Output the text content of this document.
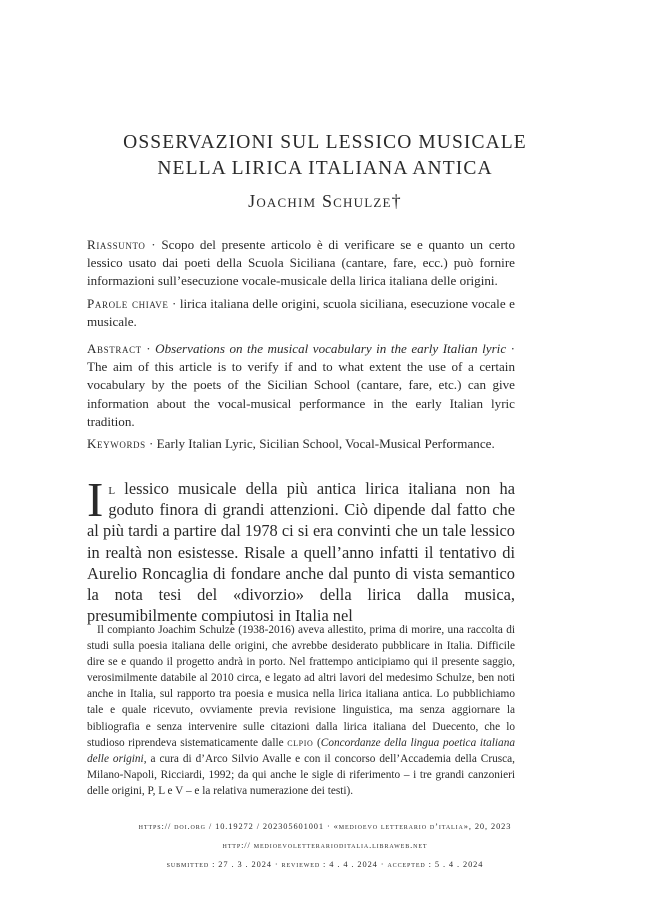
OSSERVAZIONI SUL LESSICO MUSICALE
NELLA LIRICA ITALIANA ANTICA
Joachim Schulze†

Riassunto · Scopo del presente articolo è di verificare se e quanto un certo lessico usato dai poeti della Scuola Siciliana (cantare, fare, ecc.) può fornire informazioni sull’esecuzione vocale-musicale della lirica italiana delle origini.

Parole chiave · lirica italiana delle origini, scuola siciliana, esecuzione vocale e musicale.

Abstract · Observations on the musical vocabulary in the early Italian lyric · The aim of this article is to verify if and to what extent the use of a certain vocabulary by the poets of the Sicilian School (cantare, fare, etc.) can give information about the vocal-musical performance in the early Italian lyric tradition.

Keywords · Early Italian Lyric, Sicilian School, Vocal-Musical Performance.

Il lessico musicale della più antica lirica italiana non ha goduto finora di grandi attenzioni. Ciò dipende dal fatto che al più tardi a partire dal 1978 ci si era convinti che un tale lessico in realtà non esistesse. Risale a quell’anno infatti il tentativo di Aurelio Roncaglia di fondare anche dal punto di vista semantico la nota tesi del «divorzio» della lirica dalla musica, presumibilmente compiutosi in Italia nel

Il compianto Joachim Schulze (1938-2016) aveva allestito, prima di morire, una raccolta di studi sulla poesia italiana delle origini, che avrebbe desiderato pubblicare in Italia. Difficile dire se e quando il progetto andrà in porto. Nel frattempo anticipiamo qui il presente saggio, verosimilmente databile al 2010 circa, e legato ad altri lavori del medesimo Schulze, ben noti anche in Italia, sul rapporto tra poesia e musica nella lirica italiana antica. Lo pubblichiamo tale e quale ricevuto, ovviamente previa revisione linguistica, ma senza aggiornare la bibliografia e senza intervenire sulle citazioni dalla lirica italiana del Duecento, che lo studioso riprendeva sistematicamente dalle clpio (Concordanze della lingua poetica italiana delle origini, a cura di d’Arco Silvio Avalle e con il concorso dell’Accademia della Crusca, Milano-Napoli, Ricciardi, 1992; da qui anche le sigle di riferimento – i tre grandi canzonieri delle origini, P, L e V – e la relativa numerazione dei testi).

https:// doi.org / 10.19272 / 202305601001 · «medioevo letterario d’italia», 20, 2023
http:// medioevoletterarioditalia.libraweb.net
submitted : 27 . 3 . 2024 · reviewed : 4 . 4 . 2024 · accepted : 5 . 4 . 2024
